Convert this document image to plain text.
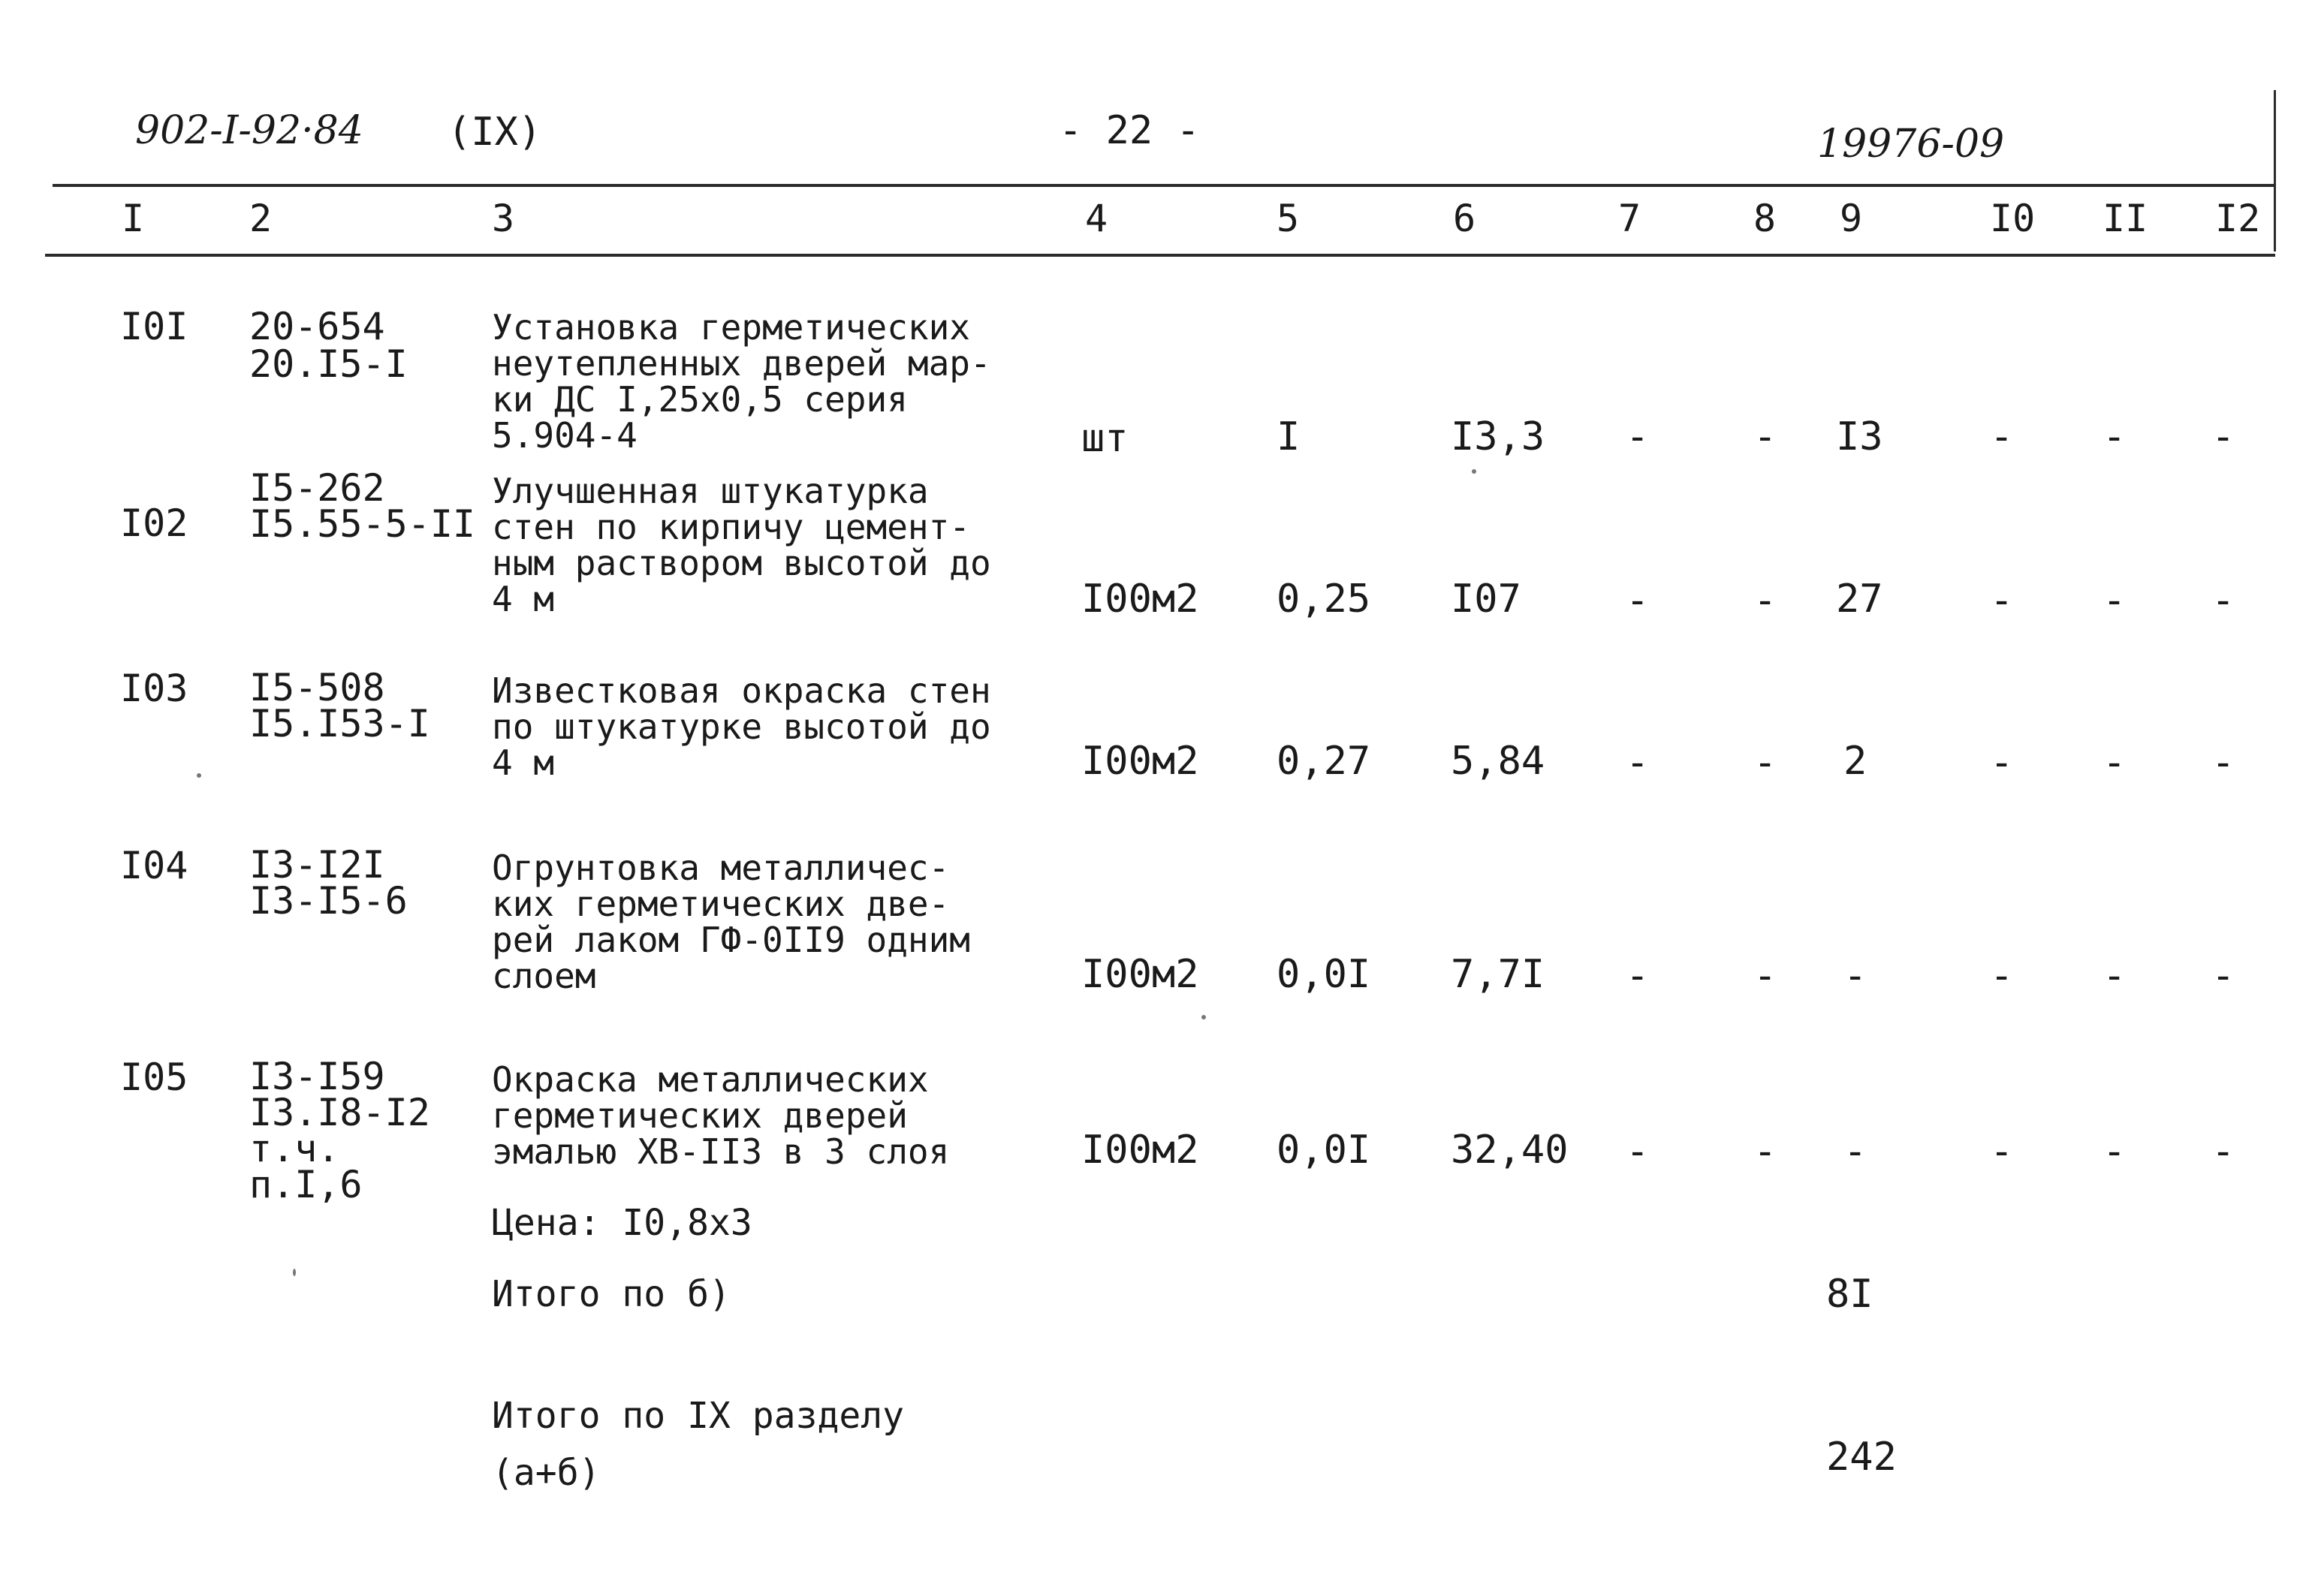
902-I-92·84 (IX)	- 22 -	19976-09
I	2	3	4	5	6	7	8 9	I0 II I2
I0I 20-654
20.I5-I
Установка герметических
неутепленных дверей мар-
ки ДС I,25х0,5 серия
5.904-4	шт	I	I3,3 -	- I3	- - -
I02
I5-262
I5.55-5-II
Улучшенная штукатурка
стен по кирпичу цемент-
ным раствором высотой до
4 м	I00м2 0,25 I07	-	- 27	- - -
I03 I5-508
I5.I53-I
Известковая окраска стен
по штукатурке высотой до
4 м	I00м2 0,27 5,84 -	- 2	- - -
I04 I3-I2I
I3-I5-6
Огрунтовка металличес-
ких герметических две-
рей лаком ГФ-0II9 одним
слоем	I00м2 0,0I 7,7I -	- -	- - -
I05 I3-I59
I3.I8-I2
т.ч.
п.I,6
Окраска металлических
герметических дверей
эмалью ХВ-II3 в 3 слоя	I00м2 0,0I 32,40 -	- -	- - -
Цена: I0,8х3
Итого по б)	8I
Итого по IX разделу
(а+б)	242
